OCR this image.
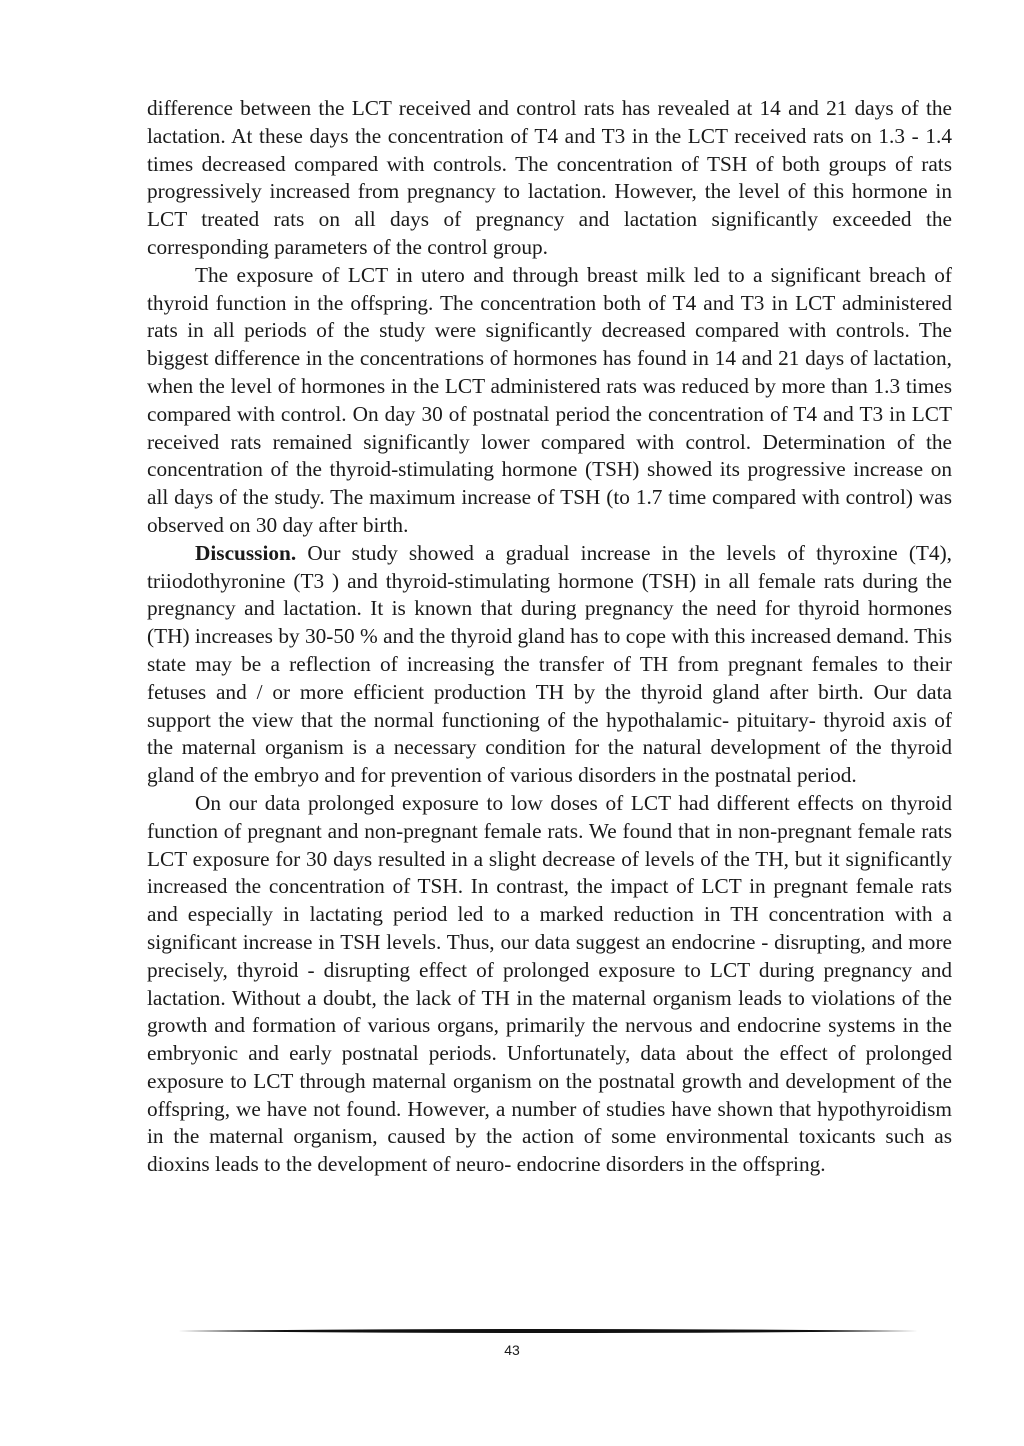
difference between the LCT received and control rats has revealed at 14 and 21 days of the lactation. At these days the concentration of T4 and T3 in the LCT received rats on 1.3 - 1.4 times decreased compared with controls. The concentration of TSH of both groups of rats progressively increased from pregnancy to lactation. However, the level of this hormone in LCT treated rats on all days of pregnancy and lactation significantly exceeded the corresponding parameters of the control group.

The exposure of LCT in utero and through breast milk led to a significant breach of thyroid function in the offspring. The concentration both of T4 and T3 in LCT administered rats in all periods of the study were significantly decreased compared with controls. The biggest difference in the concentrations of hormones has found in 14 and 21 days of lactation, when the level of hormones in the LCT administered rats was reduced by more than 1.3 times compared with control. On day 30 of postnatal period the concentration of T4 and T3 in LCT received rats remained significantly lower compared with control. Determination of the concentration of the thyroid-stimulating hormone (TSH) showed its progressive increase on all days of the study. The maximum increase of TSH (to 1.7 time compared with control) was observed on 30 day after birth.

Discussion. Our study showed a gradual increase in the levels of thyroxine (T4), triiodothyronine (T3 ) and thyroid-stimulating hormone (TSH) in all female rats during the pregnancy and lactation. It is known that during pregnancy the need for thyroid hormones (TH) increases by 30-50 % and the thyroid gland has to cope with this increased demand. This state may be a reflection of increasing the transfer of TH from pregnant females to their fetuses and / or more efficient production TH by the thyroid gland after birth. Our data support the view that the normal functioning of the hypothalamic- pituitary- thyroid axis of the maternal organism is a necessary condition for the natural development of the thyroid gland of the embryo and for prevention of various disorders in the postnatal period.

On our data prolonged exposure to low doses of LCT had different effects on thyroid function of pregnant and non-pregnant female rats. We found that in non-pregnant female rats LCT exposure for 30 days resulted in a slight decrease of levels of the TH, but it significantly increased the concentration of TSH. In contrast, the impact of LCT in pregnant female rats and especially in lactating period led to a marked reduction in TH concentration with a significant increase in TSH levels. Thus, our data suggest an endocrine - disrupting, and more precisely, thyroid - disrupting effect of prolonged exposure to LCT during pregnancy and lactation. Without a doubt, the lack of TH in the maternal organism leads to violations of the growth and formation of various organs, primarily the nervous and endocrine systems in the embryonic and early postnatal periods. Unfortunately, data about the effect of prolonged exposure to LCT through maternal organism on the postnatal growth and development of the offspring, we have not found. However, a number of studies have shown that hypothyroidism in the maternal organism, caused by the action of some environmental toxicants such as dioxins leads to the development of neuro- endocrine disorders in the offspring.

43
